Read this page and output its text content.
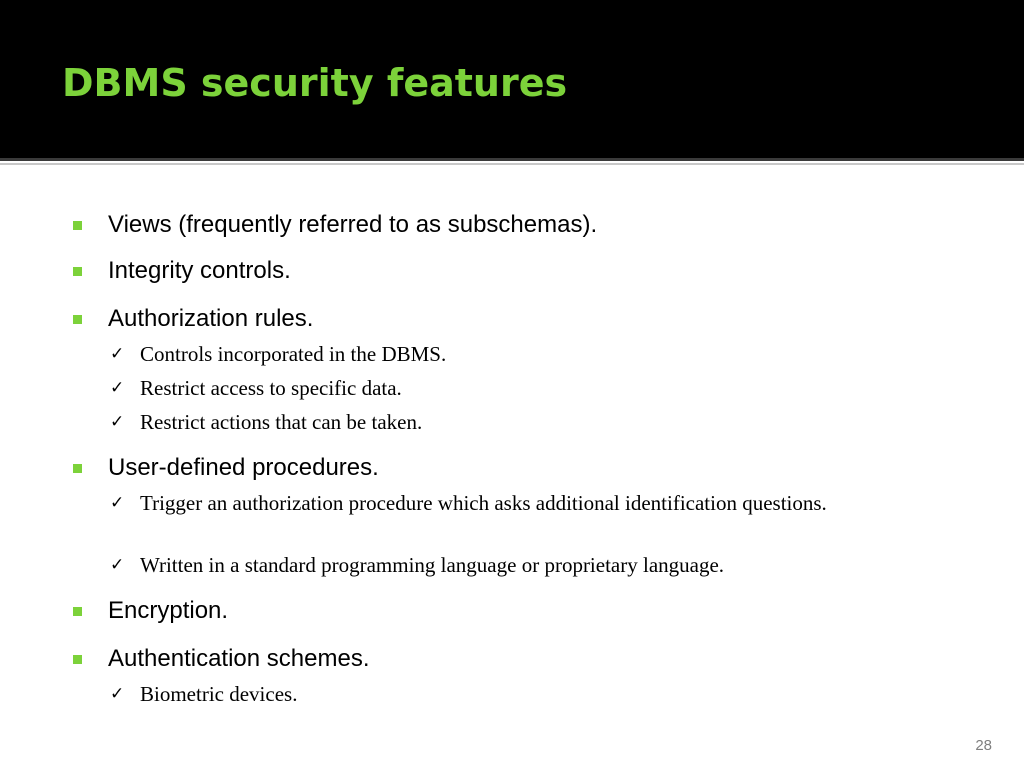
DBMS security features
Views (frequently referred to as subschemas).
Integrity controls.
Authorization rules.
✓ Controls incorporated in the DBMS.
✓ Restrict access to specific data.
✓ Restrict actions that can be taken.
User-defined procedures.
✓ Trigger an authorization procedure which asks additional identification questions.
✓ Written in a standard programming language or proprietary language.
Encryption.
Authentication schemes.
✓ Biometric devices.
28
